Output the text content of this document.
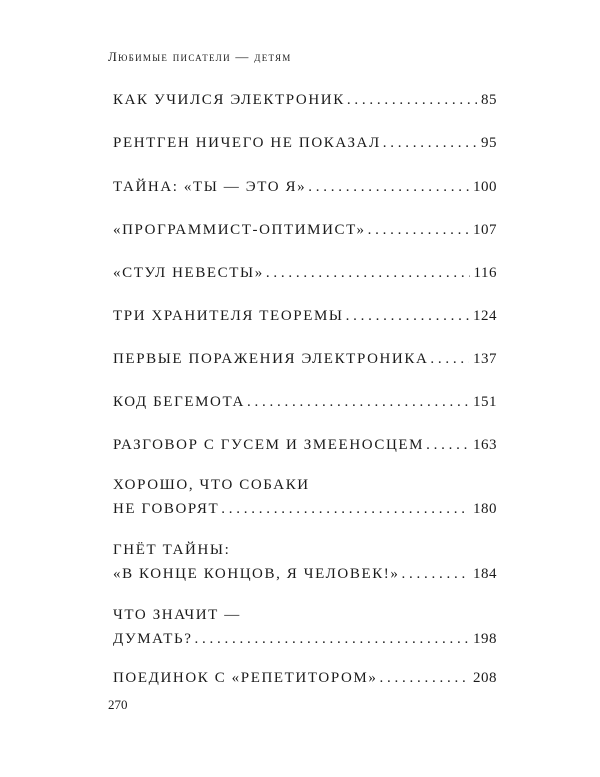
Любимые писатели — детям
КАК УЧИЛСЯ ЭЛЕКТРОНИК . . .	85
РЕНТГЕН НИЧЕГО НЕ ПОКАЗАЛ . . .	95
ТАЙНА: «ТЫ — ЭТО Я» . . .	100
«ПРОГРАММИСТ-ОПТИМИСТ» . . .	107
«СТУЛ НЕВЕСТЫ» . . .	116
ТРИ ХРАНИТЕЛЯ ТЕОРЕМЫ . . .	124
ПЕРВЫЕ ПОРАЖЕНИЯ ЭЛЕКТРОНИКА . . .	137
КОД БЕГЕМОТА . . .	151
РАЗГОВОР С ГУСЕМ И ЗМЕЕНОСЦЕМ . . .	163
ХОРОШО, ЧТО СОБАКИ
НЕ ГОВОРЯТ . . .	180
ГНЁТ ТАЙНЫ:
«В КОНЦЕ КОНЦОВ, Я ЧЕЛОВЕК!» . . .	184
ЧТО ЗНАЧИТ —
ДУМАТЬ? . . .	198
ПОЕДИНОК С «РЕПЕТИТОРОМ» . . .	208
270
